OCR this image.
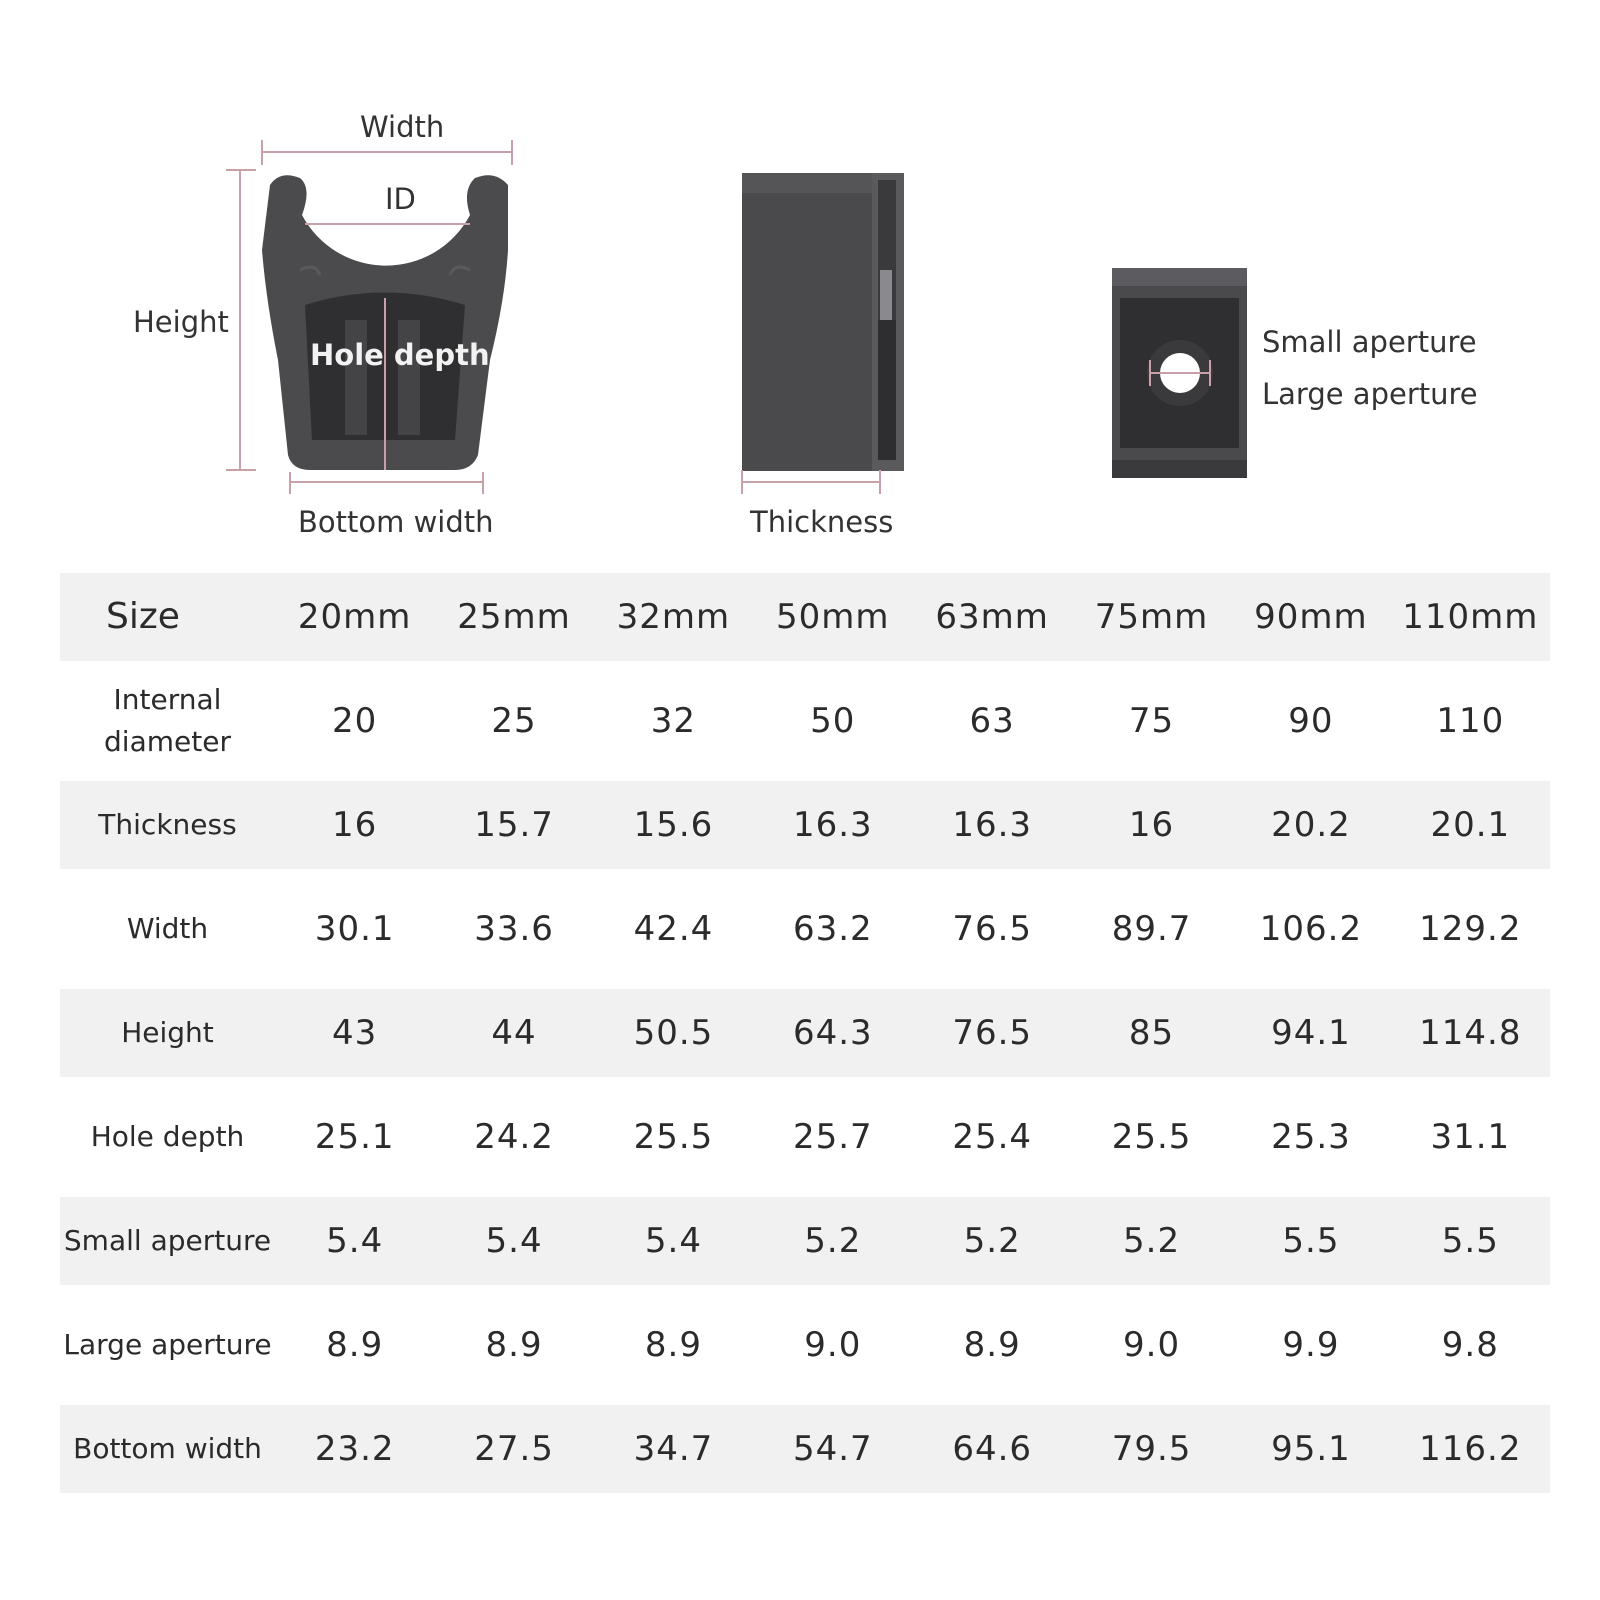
Width
ID
Height
Hole depth
Bottom width	Thickness
Small aperture
Large aperture
Size	20mm	25mm	32mm	50mm	63mm	75mm	90mm	110mm
Internal diameter	20	25	32	50	63	75	90	110
Thickness	16	15.7	15.6	16.3	16.3	16	20.2	20.1
Width	30.1	33.6	42.4	63.2	76.5	89.7	106.2	129.2
Height	43	44	50.5	64.3	76.5	85	94.1	114.8
Hole depth	25.1	24.2	25.5	25.7	25.4	25.5	25.3	31.1
Small aperture	5.4	5.4	5.4	5.2	5.2	5.2	5.5	5.5
Large aperture	8.9	8.9	8.9	9.0	8.9	9.0	9.9	9.8
Bottom width	23.2	27.5	34.7	54.7	64.6	79.5	95.1	116.2
